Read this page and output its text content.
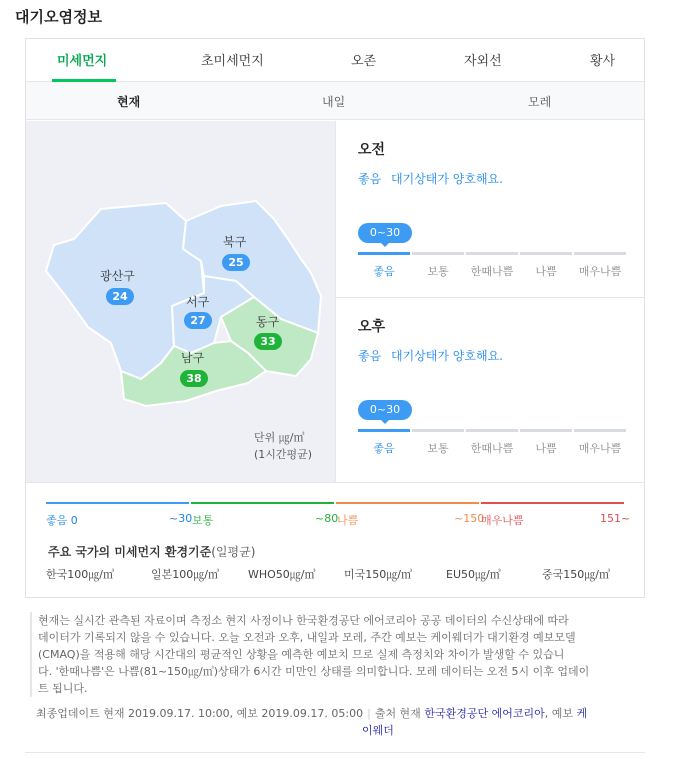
대기오염정보
미세먼지	초미세먼지	오존	자외선	황사
현재	내일	모레
광산구
24
북구
25
서구
27	동구
33
남구
38
단위 ㎍/㎥
(1시간평균)
오전
좋음 대기상태가 양호해요.
0~30
좋음	보통	한때나쁨	나쁨	매우나쁨
오후
좋음 대기상태가 양호해요.
0~30
좋음	보통	한때나쁨	나쁨	매우나쁨
좋음 0	~30 보통	~80
나쁨	~150
매우나쁨	151~
주요 국가의 미세먼지 환경기준(일평균)
한국100㎍/㎥	일본100㎍/㎥	WHO50㎍/㎥	미국150㎍/㎥	EU50㎍/㎥	중국150㎍/㎥

현재는 실시간 관측된 자료이며 측정소 현지 사정이나 한국환경공단 에어코리아 공공 데이터의 수신상태에 따라

데이터가 기록되지 않을 수 있습니다. 오늘 오전과 오후, 내일과 모레, 주간 예보는 케이웨더가 대기환경 예보모델

(CMAQ)을 적용해 해당 시간대의 평균적인 상황을 예측한 예보치 므로 실제 측정치와 차이가 발생할 수 있습니

다. '한때나쁨'은 나쁨(81~150㎍/㎥)상태가 6시간 미만인 상태를 의미합니다. 모레 데이터는 오전 5시 이후 업데이

트 됩니다.

최종업데이트 현재 2019.09.17. 10:00, 예보 2019.09.17. 05:00 | 출처 현재 한국환경공단 에어코리아, 예보 케
이웨더
